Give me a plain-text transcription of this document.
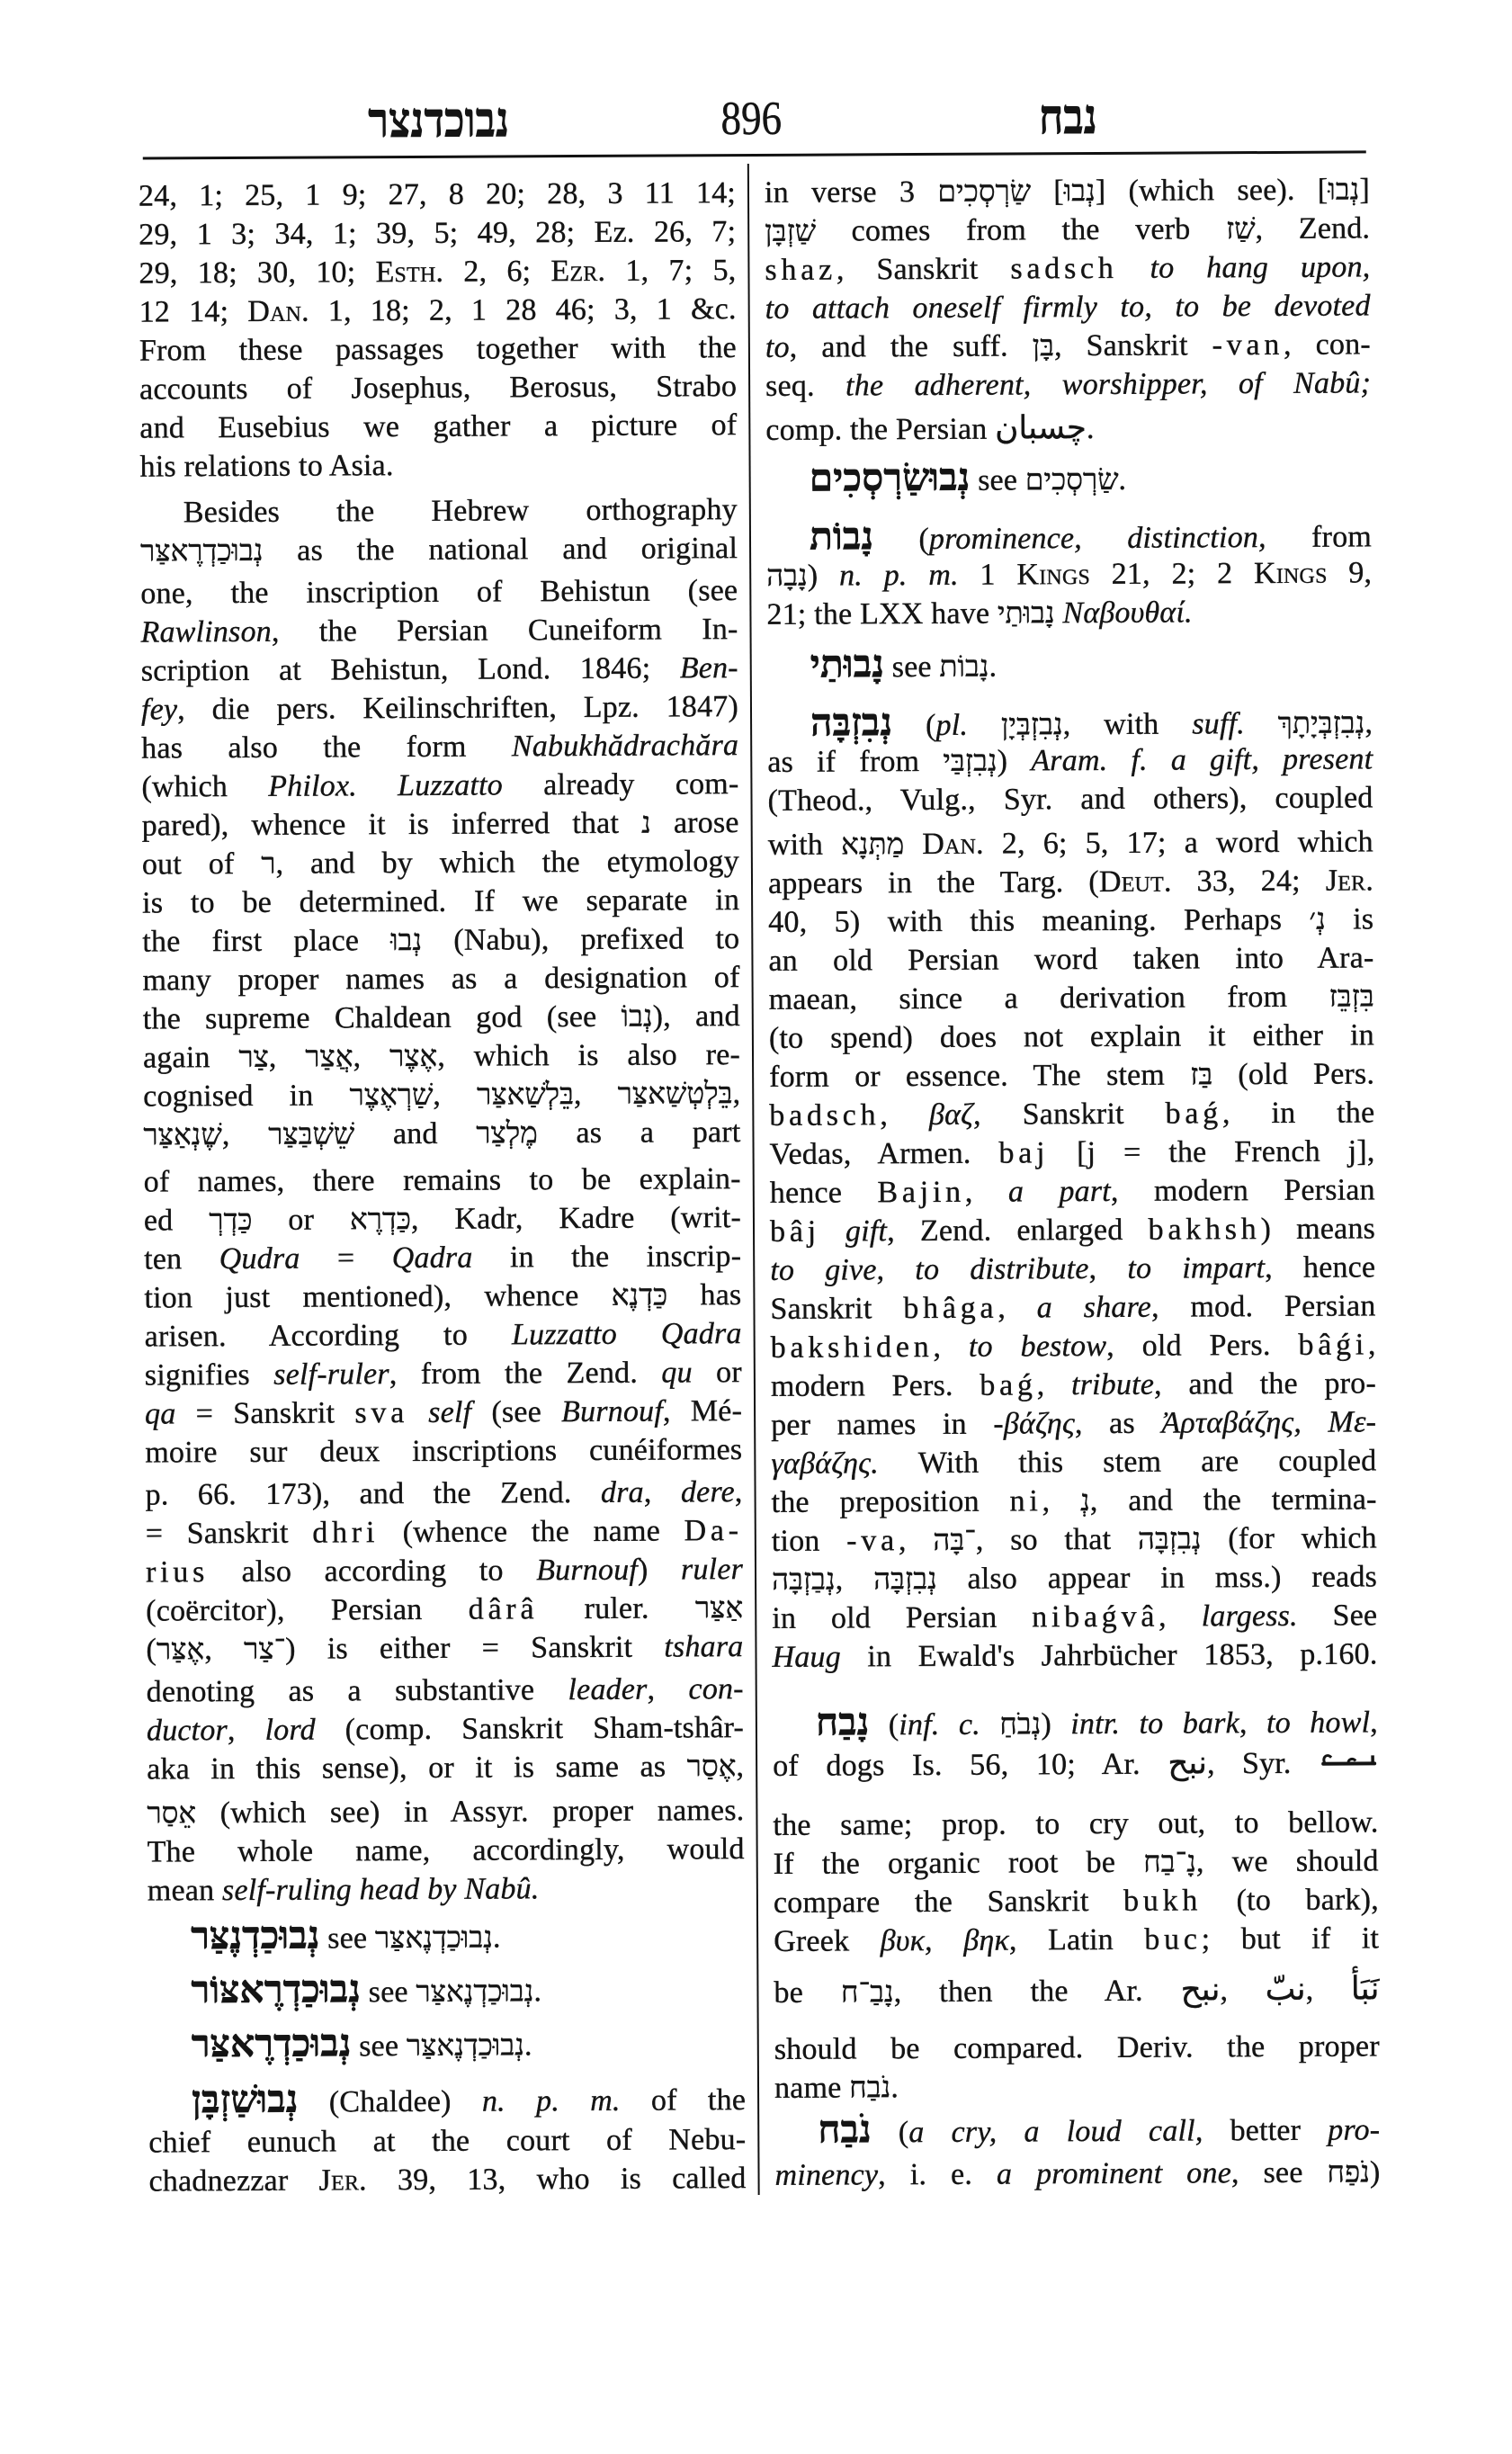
נבוכדנצר	896	נבח
24, 1; 25, 1 9; 27, 8 20; 28, 3 11 14;
29, 1 3; 34, 1; 39, 5; 49, 28; Ez. 26, 7;
29, 18; 30, 10; Esth. 2, 6; Ezr. 1, 7; 5,
12 14; Dan. 1, 18; 2, 1 28 46; 3, 1 &c.
From these passages together with the
accounts of Josephus, Berosus, Strabo
and Eusebius we gather a picture of
his relations to Asia.
Besides the Hebrew orthography
נְבוּכַדְרֶאצַּר as the national and original
one, the inscription of Behistun (see
Rawlinson, the Persian Cuneiform In-
scription at Behistun, Lond. 1846; Ben-
fey, die pers. Keilinschriften, Lpz. 1847)
has also the form Nabukhădrachăra
(which Philox. Luzzatto already com-
pared), whence it is inferred that נ arose
out of ר, and by which the etymology
is to be determined. If we separate in
the first place נְבוּ (Nabu), prefixed to
many proper names as a designation of
the supreme Chaldean god (see נְבוֹ), and
again צַר, אֲצַר, אֶצֶר, which is also re-
cognised in שַׁרְאֶצֶר, בֵּלְשַׁאצַּר, בֵּלְטְשַׁאצַּר,
שֶׁנְאַצַּר, שֵׁשְׁבַּצַּר and מֶלְצַר as a part
of names, there remains to be explain-
ed כַּדְרְ or כַּדְרֶא, Kadr, Kadre (writ-
ten Qudra = Qadra in the inscrip-
tion just mentioned), whence כַּדְנֶא has
arisen. According to Luzzatto Qadra
signifies self-ruler, from the Zend. qu or
qa = Sanskrit sva self (see Burnouf, Mé-
moire sur deux inscriptions cunéiformes
p. 66. 173), and the Zend. dra, dere,
= Sanskrit dhri (whence the name Da-
rius also according to Burnouf) ruler
(coërcitor), Persian dârâ ruler. אַצַּר
(אֶצַּר, ־צַר) is either = Sanskrit tshara
denoting as a substantive leader, con-
ductor, lord (comp. Sanskrit Sham-tshâr-
aka in this sense), or it is same as אֶסַר,
אֵסַר (which see) in Assyr. proper names.
The whole name, accordingly, would
mean self-ruling head by Nabû.
נְבוּכַדְנֶצַּר see נְבוּכַדְנֶאצַּר.
נְבוּכַדְרֶאצּוֹר see נְבוּכַדְנֶאצַּר.
נְבוּכַדְרֶאצַּר see נְבוּכַדְנֶאצַּר.
נְבוּשַׁזְבָּן (Chaldee) n. p. m. of the
chief eunuch at the court of Nebu-
chadnezzar Jer. 39, 13, who is called
in verse 3 שַׂרְסְכִים [נְבוּ] (which see). [נְבוּ]
שַׁזְבָּן comes from the verb שַׁז, Zend.
shaz, Sanskrit sadsch to hang upon,
to attach oneself firmly to, to be devoted
to, and the suff. בָּן, Sanskrit -van, con-
seq. the adherent, worshipper, of Nabû;
comp. the Persian چسبان.
נְבוּשַׂרְסְכִים see שַׂרְסְכִים.
נָבוֹת (prominence, distinction, from
נָבָה) n. p. m. 1 Kings 21, 2; 2 Kings 9,
21; the LXX have נָבוּתַי Ναβουθαί.
נָבוּתַי see נָבוֹת.
נְבִזְבָּה (pl. נְבִזְבְּיָן, with suff. נְבִזְבְּיָתָךְ,
as if from נְבִזְבַּי) Aram. f. a gift, present
(Theod., Vulg., Syr. and others), coupled
with מַתְּנָא Dan. 2, 6; 5, 17; a word which
appears in the Targ. (Deut. 33, 24; Jer.
40, 5) with this meaning. Perhaps נְ׳ is
an old Persian word taken into Ara-
maean, since a derivation from בִּזְבֵּז
(to spend) does not explain it either in
form or essence. The stem בַּז (old Pers.
badsch, βαζ, Sanskrit baǵ, in the
Vedas, Armen. baj [j = the French j],
hence Bajin, a part, modern Persian
bâj gift, Zend. enlarged bakhsh) means
to give, to distribute, to impart, hence
Sanskrit bhâga, a share, mod. Persian
bakshiden, to bestow, old Pers. bâǵi,
modern Pers. baǵ, tribute, and the pro-
per names in -βάζης, as Ἀρταβάζης, Με-
γαβάζης. With this stem are coupled
the preposition ni, נְ, and the termina-
tion -va, ־בָּה, so that נְבִזְבָּה (for which
נְבַזְבָּה, נְבִזְבָּה also appear in mss.) reads
in old Persian nibaǵvâ, largess. See
Haug in Ewald's Jahrbücher 1853, p.160.
נָבַח (inf. c. נְבֹחַ) intr. to bark, to howl,
of dogs Is. 56, 10; Ar. نبح, Syr.
the same; prop. to cry out, to bellow.
If the organic root be נָ־בַח, we should
compare the Sanskrit bukh (to bark),
Greek βυκ, βηκ, Latin buc; but if it
be נָבַ־ח, then the Ar. نبح, نبّ, نَبَأ
should be compared. Deriv. the proper
name נֹבַח.
נֹבַח (a cry, a loud call, better pro-
minency, i. e. a prominent one, see נֹפַח)
